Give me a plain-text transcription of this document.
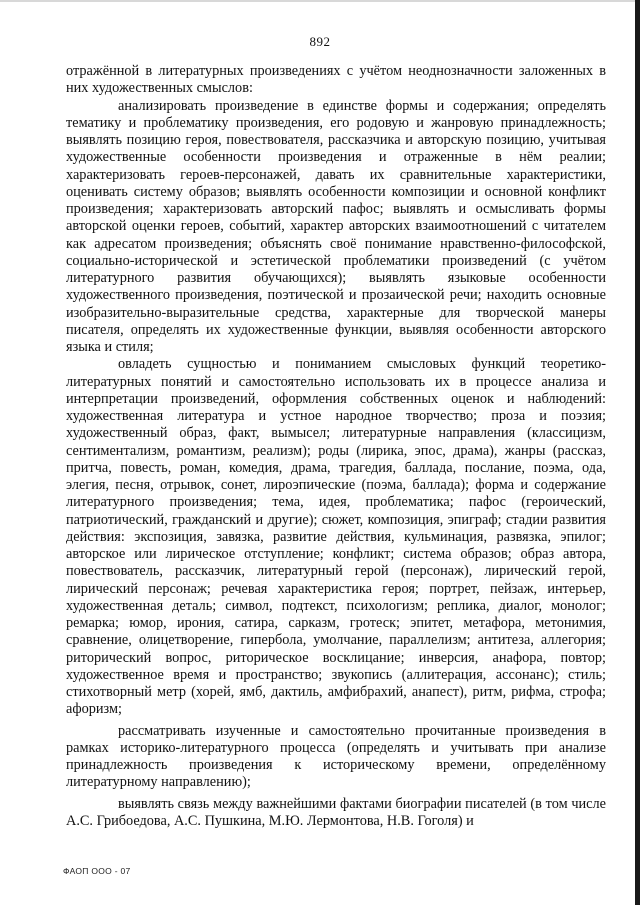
892

отражённой в литературных произведениях с учётом неоднозначности заложенных в них художественных смыслов:

анализировать произведение в единстве формы и содержания; определять тематику и проблематику произведения, его родовую и жанровую принадлежность; выявлять позицию героя, повествователя, рассказчика и авторскую позицию, учитывая художественные особенности произведения и отраженные в нём реалии; характеризовать героев-персонажей, давать их сравнительные характеристики, оценивать систему образов; выявлять особенности композиции и основной конфликт произведения; характеризовать авторский пафос; выявлять и осмысливать формы авторской оценки героев, событий, характер авторских взаимоотношений с читателем как адресатом произведения; объяснять своё понимание нравственно-философской, социально-исторической и эстетической проблематики произведений (с учётом литературного развития обучающихся); выявлять языковые особенности художественного произведения, поэтической и прозаической речи; находить основные изобразительно-выразительные средства, характерные для творческой манеры писателя, определять их художественные функции, выявляя особенности авторского языка и стиля;

овладеть сущностью и пониманием смысловых функций теоретико-литературных понятий и самостоятельно использовать их в процессе анализа и интерпретации произведений, оформления собственных оценок и наблюдений: художественная литература и устное народное творчество; проза и поэзия; художественный образ, факт, вымысел; литературные направления (классицизм, сентиментализм, романтизм, реализм); роды (лирика, эпос, драма), жанры (рассказ, притча, повесть, роман, комедия, драма, трагедия, баллада, послание, поэма, ода, элегия, песня, отрывок, сонет, лироэпические (поэма, баллада); форма и содержание литературного произведения; тема, идея, проблематика; пафос (героический, патриотический, гражданский и другие); сюжет, композиция, эпиграф; стадии развития действия: экспозиция, завязка, развитие действия, кульминация, развязка, эпилог; авторское или лирическое отступление; конфликт; система образов; образ автора, повествователь, рассказчик, литературный герой (персонаж), лирический герой, лирический персонаж; речевая характеристика героя; портрет, пейзаж, интерьер, художественная деталь; символ, подтекст, психологизм; реплика, диалог, монолог; ремарка; юмор, ирония, сатира, сарказм, гротеск; эпитет, метафора, метонимия, сравнение, олицетворение, гипербола, умолчание, параллелизм; антитеза, аллегория; риторический вопрос, риторическое восклицание; инверсия, анафора, повтор; художественное время и пространство; звукопись (аллитерация, ассонанс); стиль; стихотворный метр (хорей, ямб, дактиль, амфибрахий, анапест), ритм, рифма, строфа; афоризм;

рассматривать изученные и самостоятельно прочитанные произведения в рамках историко-литературного процесса (определять и учитывать при анализе принадлежность произведения к историческому времени, определённому литературному направлению);

выявлять связь между важнейшими фактами биографии писателей (в том числе А.С. Грибоедова, А.С. Пушкина, М.Ю. Лермонтова, Н.В. Гоголя) и

ФАОП ООО - 07
